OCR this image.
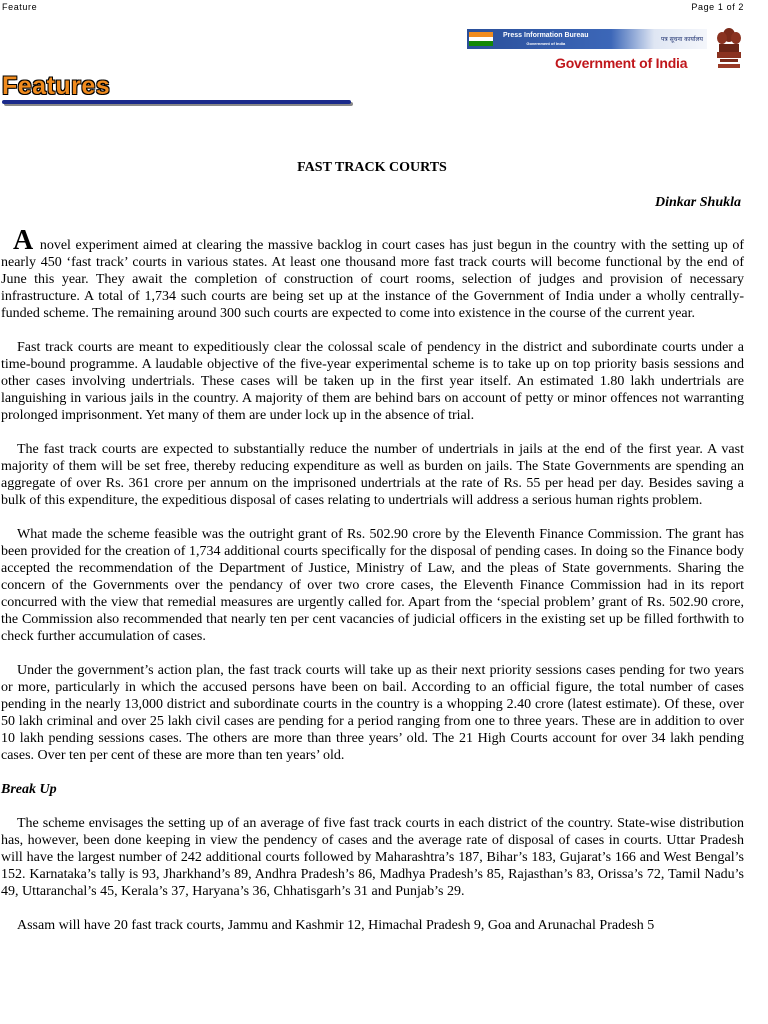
Feature	Page 1 of 2
Press Information Bureau
Government of India	पत्र सूचना कार्यालय
Government of India
Features
FAST TRACK COURTS
Dinkar Shukla

A novel experiment aimed at clearing the massive backlog in court cases has just begun in the country with the setting up of nearly 450 ‘fast track’ courts in various states. At least one thousand more fast track courts will become functional by the end of June this year. They await the completion of construction of court rooms, selection of judges and provision of necessary infrastructure. A total of 1,734 such courts are being set up at the instance of the Government of India under a wholly centrally-funded scheme. The remaining around 300 such courts are expected to come into existence in the course of the current year.

Fast track courts are meant to expeditiously clear the colossal scale of pendency in the district and subordinate courts under a time-bound programme. A laudable objective of the five-year experimental scheme is to take up on top priority basis sessions and other cases involving undertrials. These cases will be taken up in the first year itself. An estimated 1.80 lakh undertrials are languishing in various jails in the country. A majority of them are behind bars on account of petty or minor offences not warranting prolonged imprisonment. Yet many of them are under lock up in the absence of trial.

The fast track courts are expected to substantially reduce the number of undertrials in jails at the end of the first year. A vast majority of them will be set free, thereby reducing expenditure as well as burden on jails. The State Governments are spending an aggregate of over Rs. 361 crore per annum on the imprisoned undertrials at the rate of Rs. 55 per head per day. Besides saving a bulk of this expenditure, the expeditious disposal of cases relating to undertrials will address a serious human rights problem.

What made the scheme feasible was the outright grant of Rs. 502.90 crore by the Eleventh Finance Commission. The grant has been provided for the creation of 1,734 additional courts specifically for the disposal of pending cases. In doing so the Finance body accepted the recommendation of the Department of Justice, Ministry of Law, and the pleas of State governments. Sharing the concern of the Governments over the pendancy of over two crore cases, the Eleventh Finance Commission had in its report concurred with the view that remedial measures are urgently called for. Apart from the ‘special problem’ grant of Rs. 502.90 crore, the Commission also recommended that nearly ten per cent vacancies of judicial officers in the existing set up be filled forthwith to check further accumulation of cases.

Under the government’s action plan, the fast track courts will take up as their next priority sessions cases pending for two years or more, particularly in which the accused persons have been on bail. According to an official figure, the total number of cases pending in the nearly 13,000 district and subordinate courts in the country is a whopping 2.40 crore (latest estimate). Of these, over 50 lakh criminal and over 25 lakh civil cases are pending for a period ranging from one to three years. These are in addition to over 10 lakh pending sessions cases. The others are more than three years’ old. The 21 High Courts account for over 34 lakh pending cases. Over ten per cent of these are more than ten years’ old.

Break Up

The scheme envisages the setting up of an average of five fast track courts in each district of the country. State-wise distribution has, however, been done keeping in view the pendency of cases and the average rate of disposal of cases in courts. Uttar Pradesh will have the largest number of 242 additional courts followed by Maharashtra’s 187, Bihar’s 183, Gujarat’s 166 and West Bengal’s 152. Karnataka’s tally is 93, Jharkhand’s 89, Andhra Pradesh’s 86, Madhya Pradesh’s 85, Rajasthan’s 83, Orissa’s 72, Tamil Nadu’s 49, Uttaranchal’s 45, Kerala’s 37, Haryana’s 36, Chhatisgarh’s 31 and Punjab’s 29.

Assam will have 20 fast track courts, Jammu and Kashmir 12, Himachal Pradesh 9, Goa and Arunachal Pradesh 5
